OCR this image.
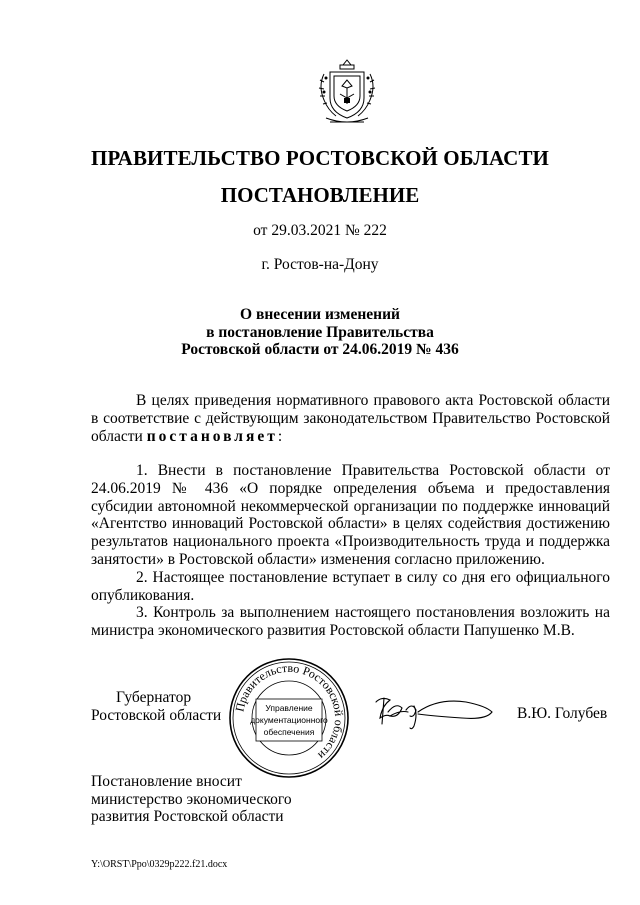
ПРАВИТЕЛЬСТВО РОСТОВСКОЙ ОБЛАСТИ
ПОСТАНОВЛЕНИЕ
от 29.03.2021 № 222
г. Ростов-на-Дону
О внесении изменений
в постановление Правительства
Ростовской области от 24.06.2019 № 436

В целях приведения нормативного правового акта Ростовской области в соответствие с действующим законодательством Правительство Ростовской области постановляет:

1. Внести в постановление Правительства Ростовской области от 24.06.2019 № 436 «О порядке определения объема и предоставления субсидии автономной некоммерческой организации по поддержке инноваций «Агентство инноваций Ростовской области» в целях содействия достижению результатов национального проекта «Производительность труда и поддержка занятости» в Ростовской области» изменения согласно приложению.

2. Настоящее постановление вступает в силу со дня его официального опубликования.

3. Контроль за выполнением настоящего постановления возложить на министра экономического развития Ростовской области Папушенко М.В.

Губернатор
Ростовской области Правительство Ростовской области
Управление
документационного
обеспечения
В.Ю. Голубев
Постановление вносит
министерство экономического
развития Ростовской области
Y:\ORST\Ppo\0329p222.f21.docx
